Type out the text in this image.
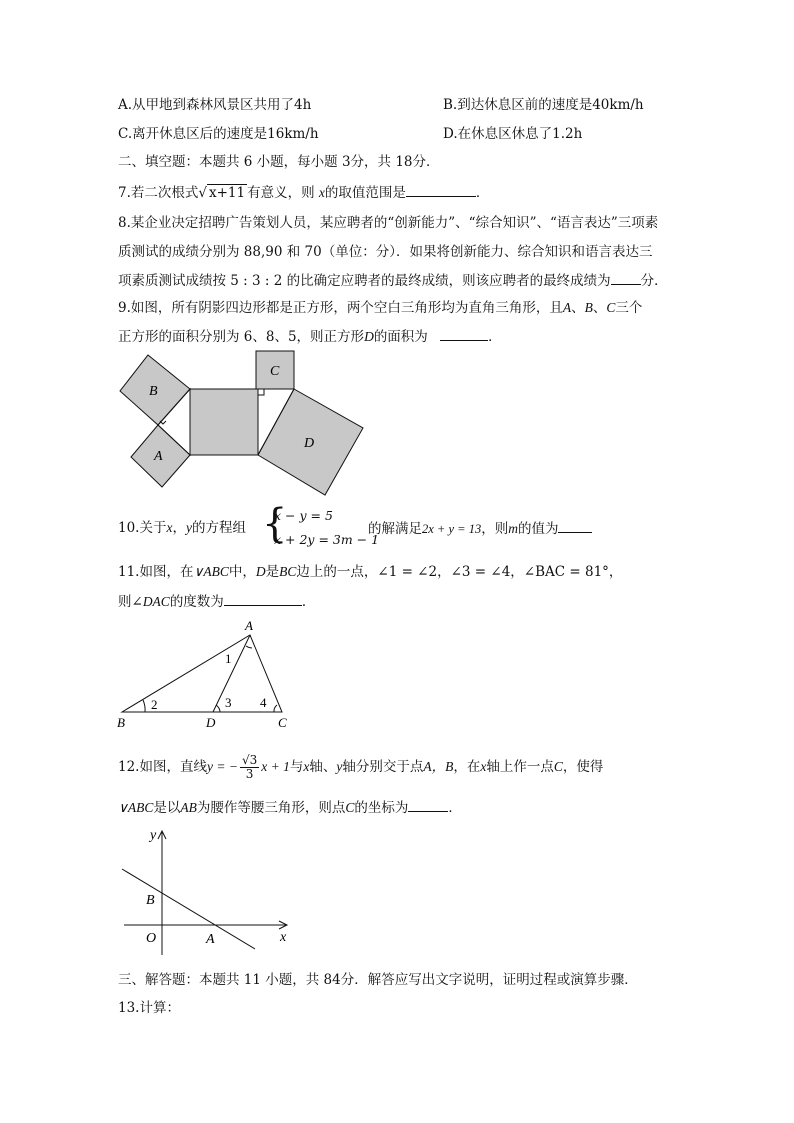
A.从甲地到森林风景区共用了4h	B.到达休息区前的速度是40km/h
C.离开休息区后的速度是16km/h	D.在休息区休息了1.2h
二、填空题：本题共 6 小题，每小题 3分，共 18分．
7.若二次根式√ x+11 有意义，则 x的取值范围是	．
8.某企业决定招聘广告策划人员，某应聘者的“创新能力”、“综合知识”、“语言表达”三项素
质测试的成绩分别为 88,90 和 70（单位：分）．如果将创新能力、综合知识和语言表达三
项素质测试成绩按 5 : 3 : 2 的比确定应聘者的最终成绩，则该应聘者的最终成绩为 分．
9.如图，所有阴影四边形都是正方形，两个空白三角形均为直角三角形，且A、B、C三个
正方形的面积分别为 6、8、5，则正方形D的面积为	．
B
A
C
D
10.关于x，y的方程组 {
x − y = 5
x + 2y = 3m − 1
的解满足2x + y = 13，则m的值为
11.如图，在∨ABC中，D是BC边上的一点，∠1 = ∠2，∠3 = ∠4，∠BAC = 81°，
则∠DAC的度数为	．
A
B	D	C
1
2	3 4
12.如图，直线y = − $\frac{√3}{3}$ x + 1与x轴、y轴分别交于点A，B，在x轴上作一点C，使得
∨ABC是以AB为腰作等腰三角形，则点C的坐标为	．
y
x
B
O	A
三、解答题：本题共 11 小题，共 84分．解答应写出文字说明，证明过程或演算步骤．
13.计算：
